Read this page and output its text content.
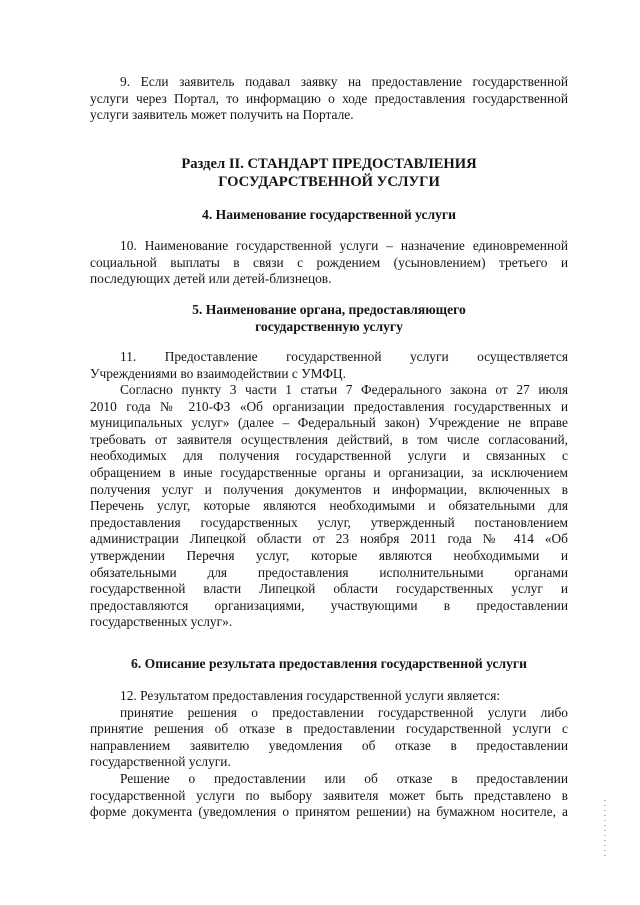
9. Если заявитель подавал заявку на предоставление государственной
услуги через Портал, то информацию о ходе предоставления государственной
услуги заявитель может получить на Портале.
Раздел II. СТАНДАРТ ПРЕДОСТАВЛЕНИЯ
ГОСУДАРСТВЕННОЙ УСЛУГИ
4. Наименование государственной услуги
10. Наименование государственной услуги – назначение единовременной
социальной выплаты в связи с рождением (усыновлением) третьего и
последующих детей или детей-близнецов.
5. Наименование органа, предоставляющего
государственную услугу
11. Предоставление государственной услуги осуществляется
Учреждениями во взаимодействии с УМФЦ.
Согласно пункту 3 части 1 статьи 7 Федерального закона от 27 июля
2010 года № 210-ФЗ «Об организации предоставления государственных и
муниципальных услуг» (далее – Федеральный закон) Учреждение не вправе
требовать от заявителя осуществления действий, в том числе согласований,
необходимых для получения государственной услуги и связанных с
обращением в иные государственные органы и организации, за исключением
получения услуг и получения документов и информации, включенных в
Перечень услуг, которые являются необходимыми и обязательными для
предоставления государственных услуг, утвержденный постановлением
администрации Липецкой области от 23 ноября 2011 года № 414 «Об
утверждении Перечня услуг, которые являются необходимыми и
обязательными для предоставления исполнительными органами
государственной власти Липецкой области государственных услуг и
предоставляются организациями, участвующими в предоставлении
государственных услуг».
6. Описание результата предоставления государственной услуги
12. Результатом предоставления государственной услуги является:
принятие решения о предоставлении государственной услуги либо
принятие решения об отказе в предоставлении государственной услуги с
направлением заявителю уведомления об отказе в предоставлении
государственной услуги.
Решение о предоставлении или об отказе в предоставлении
государственной услуги по выбору заявителя может быть представлено в
форме документа (уведомления о принятом решении) на бумажном носителе, а
